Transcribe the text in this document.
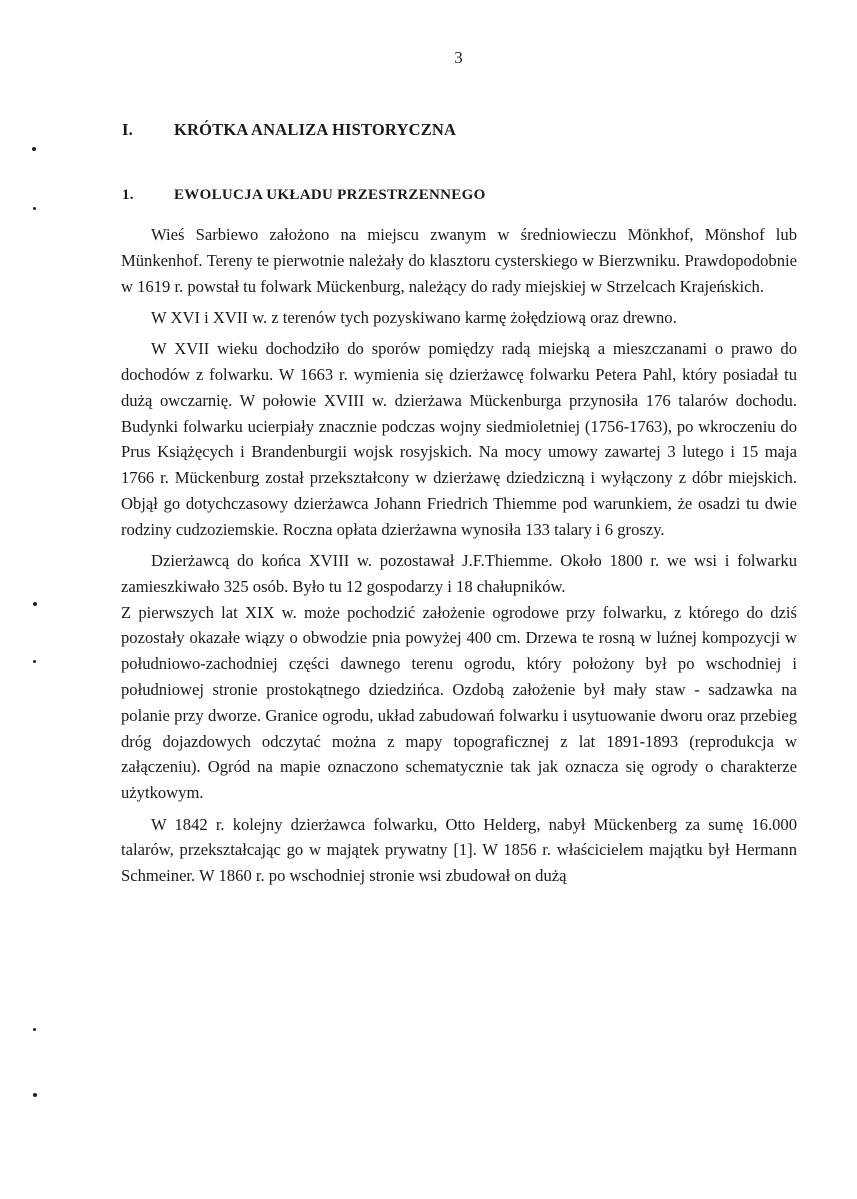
3
I. KRÓTKA ANALIZA HISTORYCZNA
1.	EWOLUCJA UKŁADU PRZESTRZENNEGO

Wieś Sarbiewo założono na miejscu zwanym w średniowieczu Mönkhof, Mönshof lub Münkenhof. Tereny te pierwotnie należały do klasztoru cysterskiego w Bierzwniku. Prawdopodobnie w 1619 r. powstał tu folwark Mückenburg, należący do rady miejskiej w Strzelcach Krajeńskich.

W XVI i XVII w. z terenów tych pozyskiwano karmę żołędziową oraz drewno.

W XVII wieku dochodziło do sporów pomiędzy radą miejską a mieszczanami o prawo do dochodów z folwarku. W 1663 r. wymienia się dzierżawcę folwarku Petera Pahl, który posiadał tu dużą owczarnię. W połowie XVIII w. dzierżawa Mückenburga przynosiła 176 talarów dochodu. Budynki folwarku ucierpiały znacznie podczas wojny siedmioletniej (1756-1763), po wkroczeniu do Prus Książęcych i Brandenburgii wojsk rosyjskich. Na mocy umowy zawartej 3 lutego i 15 maja 1766 r. Mückenburg został przekształcony w dzierżawę dziedziczną i wyłączony z dóbr miejskich. Objął go dotychczasowy dzierżawca Johann Friedrich Thiemme pod warunkiem, że osadzi tu dwie rodziny cudzoziemskie. Roczna opłata dzierżawna wynosiła 133 talary i 6 groszy.

Dzierżawcą do końca XVIII w. pozostawał J.F.Thiemme. Około 1800 r. we wsi i folwarku zamieszkiwało 325 osób. Było tu 12 gospodarzy i 18 chałupników.

Z pierwszych lat XIX w. może pochodzić założenie ogrodowe przy folwarku, z którego do dziś pozostały okazałe wiązy o obwodzie pnia powyżej 400 cm. Drzewa te rosną w luźnej kompozycji w południowo-zachodniej części dawnego terenu ogrodu, który położony był po wschodniej i południowej stronie prostokątnego dziedzińca. Ozdobą założenie był mały staw - sadzawka na polanie przy dworze. Granice ogrodu, układ zabudowań folwarku i usytuowanie dworu oraz przebieg dróg dojazdowych odczytać można z mapy topograficznej z lat 1891-1893 (reprodukcja w załączeniu). Ogród na mapie oznaczono schematycznie tak jak oznacza się ogrody o charakterze użytkowym.

W 1842 r. kolejny dzierżawca folwarku, Otto Helderg, nabył Mückenberg za sumę 16.000 talarów, przekształcając go w majątek prywatny [1]. W 1856 r. właścicielem majątku był Hermann Schmeiner. W 1860 r. po wschodniej stronie wsi zbudował on dużą
